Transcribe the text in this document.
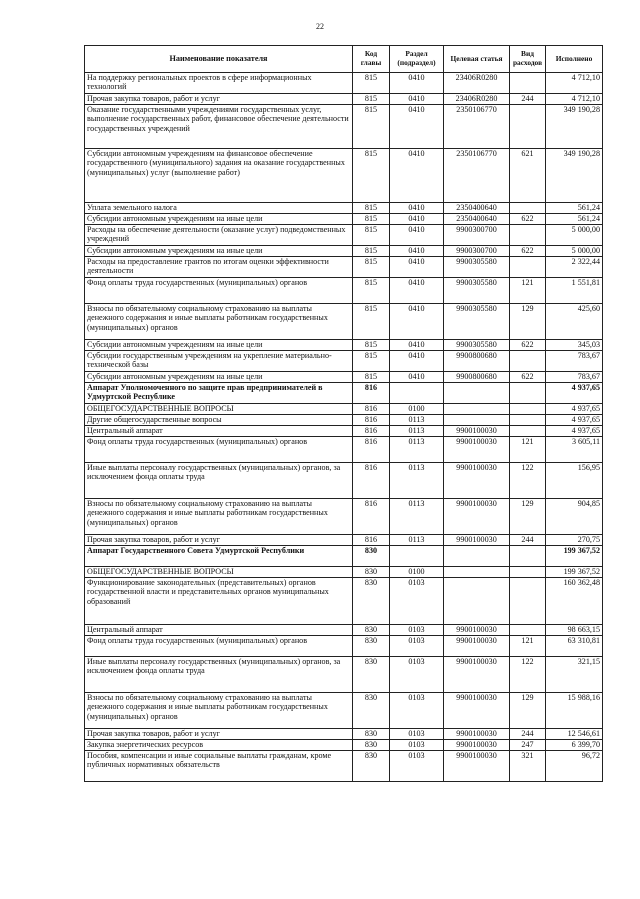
22
Наименование показателя	Код главы	Раздел (подраздел)	Целевая статья	Вид расходов	Исполнено
На поддержку региональных проектов в сфере информационных технологий	815	0410	23406R0280		4 712,10
Прочая закупка товаров, работ и услуг	815	0410	23406R0280	244	4 712,10
Оказание государственными учреждениями государственных услуг, выполнение государственных работ, финансовое обеспечение деятельности государственных учреждений	815	0410	2350106770		349 190,28
Субсидии автономным учреждениям на финансовое обеспечение государственного (муниципального) задания на оказание государственных (муниципальных) услуг (выполнение работ)	815	0410	2350106770	621	349 190,28
Уплата земельного налога	815	0410	2350400640		561,24
Субсидии автономным учреждениям на иные цели	815	0410	2350400640	622	561,24
Расходы на обеспечение деятельности (оказание услуг) подведомственных учреждений	815	0410	9900300700		5 000,00
Субсидии автономным учреждениям на иные цели	815	0410	9900300700	622	5 000,00
Расходы на предоставление грантов по итогам оценки эффективности деятельности	815	0410	9900305580		2 322,44
Фонд оплаты труда государственных (муниципальных) органов	815	0410	9900305580	121	1 551,81
Взносы по обязательному социальному страхованию на выплаты денежного содержания и иные выплаты работникам государственных (муниципальных) органов	815	0410	9900305580	129	425,60
Субсидии автономным учреждениям на иные цели	815	0410	9900305580	622	345,03
Субсидии государственным учреждениям на укрепление материально-технической базы	815	0410	9900800680		783,67
Субсидии автономным учреждениям на иные цели	815	0410	9900800680	622	783,67
Аппарат Уполномоченного по защите прав предпринимателей в Удмуртской Республике	816				4 937,65
ОБЩЕГОСУДАРСТВЕННЫЕ ВОПРОСЫ	816	0100			4 937,65
Другие общегосударственные вопросы	816	0113			4 937,65
Центральный аппарат	816	0113	9900100030		4 937,65
Фонд оплаты труда государственных (муниципальных) органов	816	0113	9900100030	121	3 605,11
Иные выплаты персоналу государственных (муниципальных) органов, за исключением фонда оплаты труда	816	0113	9900100030	122	156,95
Взносы по обязательному социальному страхованию на выплаты денежного содержания и иные выплаты работникам государственных (муниципальных) органов	816	0113	9900100030	129	904,85
Прочая закупка товаров, работ и услуг	816	0113	9900100030	244	270,75
Аппарат Государственного Совета Удмуртской Республики	830				199 367,52
ОБЩЕГОСУДАРСТВЕННЫЕ ВОПРОСЫ	830	0100			199 367,52
Функционирование законодательных (представительных) органов государственной власти и представительных органов муниципальных образований	830	0103			160 362,48
Центральный аппарат	830	0103	9900100030		98 663,15
Фонд оплаты труда государственных (муниципальных) органов	830	0103	9900100030	121	63 310,81
Иные выплаты персоналу государственных (муниципальных) органов, за исключением фонда оплаты труда	830	0103	9900100030	122	321,15
Взносы по обязательному социальному страхованию на выплаты денежного содержания и иные выплаты работникам государственных (муниципальных) органов	830	0103	9900100030	129	15 988,16
Прочая закупка товаров, работ и услуг	830	0103	9900100030	244	12 546,61
Закупка энергетических ресурсов	830	0103	9900100030	247	6 399,70
Пособия, компенсации и иные социальные выплаты гражданам, кроме публичных нормативных обязательств	830	0103	9900100030	321	96,72
